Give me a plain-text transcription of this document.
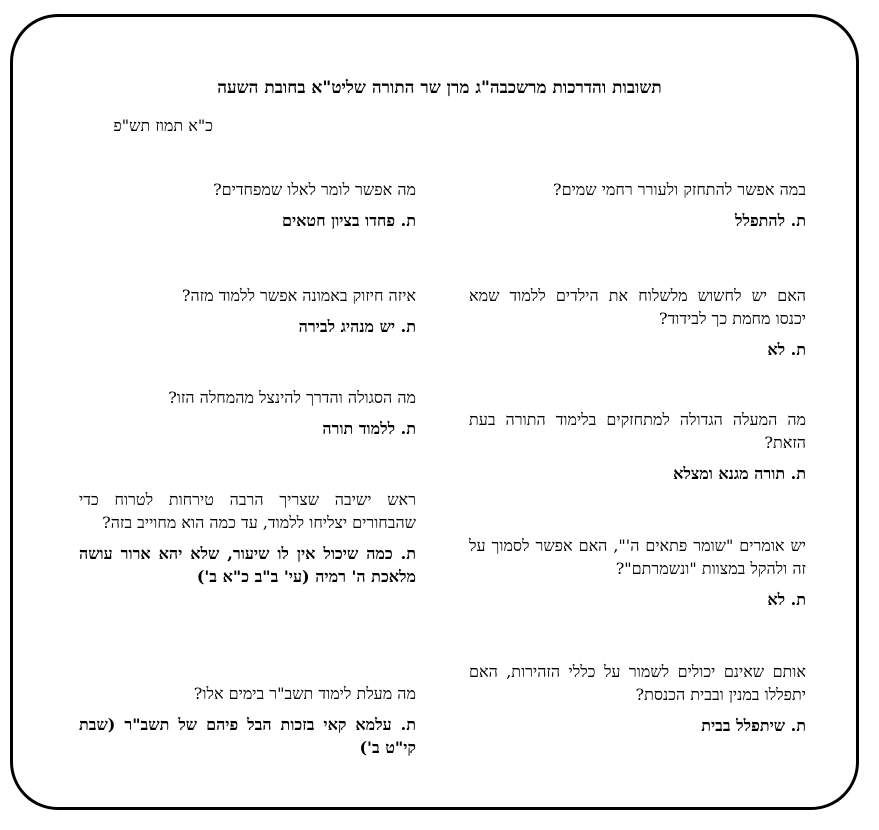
תשובות והדרכות מרשכבה"ג מרן שר התורה שליט"א בחובת השעה

כ"א תמוז תש"פ

במה אפשר להתחזק ולעורר רחמי שמים?

ת. להתפלל

האם יש לחשוש מלשלוח את הילדים ללמוד שמא יכנסו מחמת כך לבידוד?

ת. לא

מה המעלה הגדולה למתחזקים בלימוד התורה בעת הזאת?

ת. תורה מגנא ומצלא

יש אומרים "שומר פתאים ה'", האם אפשר לסמוך על זה ולהקל במצוות "ונשמרתם"?

ת. לא

אותם שאינם יכולים לשמור על כללי הזהירות, האם יתפללו במנין ובבית הכנסת?

ת. שיתפלל בבית

מה אפשר לומר לאלו שמפחדים?

ת. פחדו בציון חטאים

איזה חיזוק באמונה אפשר ללמוד מזה?

ת. יש מנהיג לבירה

מה הסגולה והדרך להינצל מהמחלה הזו?

ת. ללמוד תורה

ראש ישיבה שצריך הרבה טירחות לטרוח כדי שהבחורים יצליחו ללמוד, עד כמה הוא מחוייב בזה?

ת. כמה שיכול אין לו שיעור, שלא יהא ארור עושה מלאכת ה' רמיה (עי' ב"ב כ"א ב')

מה מעלת לימוד תשב"ר בימים אלו?

ת. עלמא קאי בזכות הבל פיהם של תשב"ר (שבת קי"ט ב')
